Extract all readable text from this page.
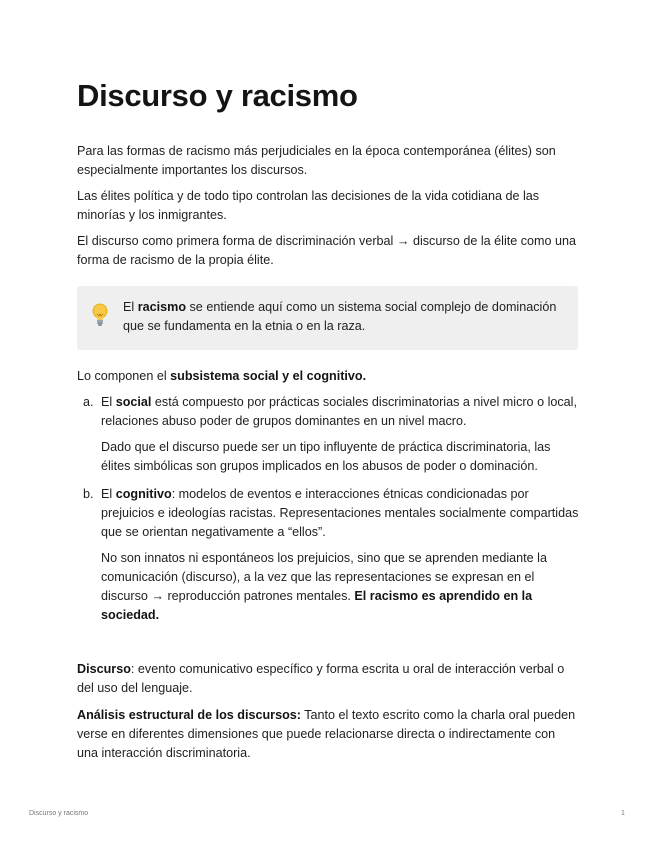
Discurso y racismo

Para las formas de racismo más perjudiciales en la época contemporánea (élites) son especialmente importantes los discursos.

Las élites política y de todo tipo controlan las decisiones de la vida cotidiana de las minorías y los inmigrantes.

El discurso como primera forma de discriminación verbal → discurso de la élite como una forma de racismo de la propia élite.

El racismo se entiende aquí como un sistema social complejo de dominación que se fundamenta en la etnia o en la raza.

Lo componen el subsistema social y el cognitivo.

a. El social está compuesto por prácticas sociales discriminatorias a nivel micro o local, relaciones abuso poder de grupos dominantes en un nivel macro.

Dado que el discurso puede ser un tipo influyente de práctica discriminatoria, las élites simbólicas son grupos implicados en los abusos de poder o dominación.

b. El cognitivo: modelos de eventos e interacciones étnicas condicionadas por prejuicios e ideologías racistas. Representaciones mentales socialmente compartidas que se orientan negativamente a “ellos”.

No son innatos ni espontáneos los prejuicios, sino que se aprenden mediante la comunicación (discurso), a la vez que las representaciones se expresan en el discurso → reproducción patrones mentales. El racismo es aprendido en la sociedad.

Discurso: evento comunicativo específico y forma escrita u oral de interacción verbal o del uso del lenguaje.

Análisis estructural de los discursos: Tanto el texto escrito como la charla oral pueden verse en diferentes dimensiones que puede relacionarse directa o indirectamente con una interacción discriminatoria.

Discurso y racismo	1
